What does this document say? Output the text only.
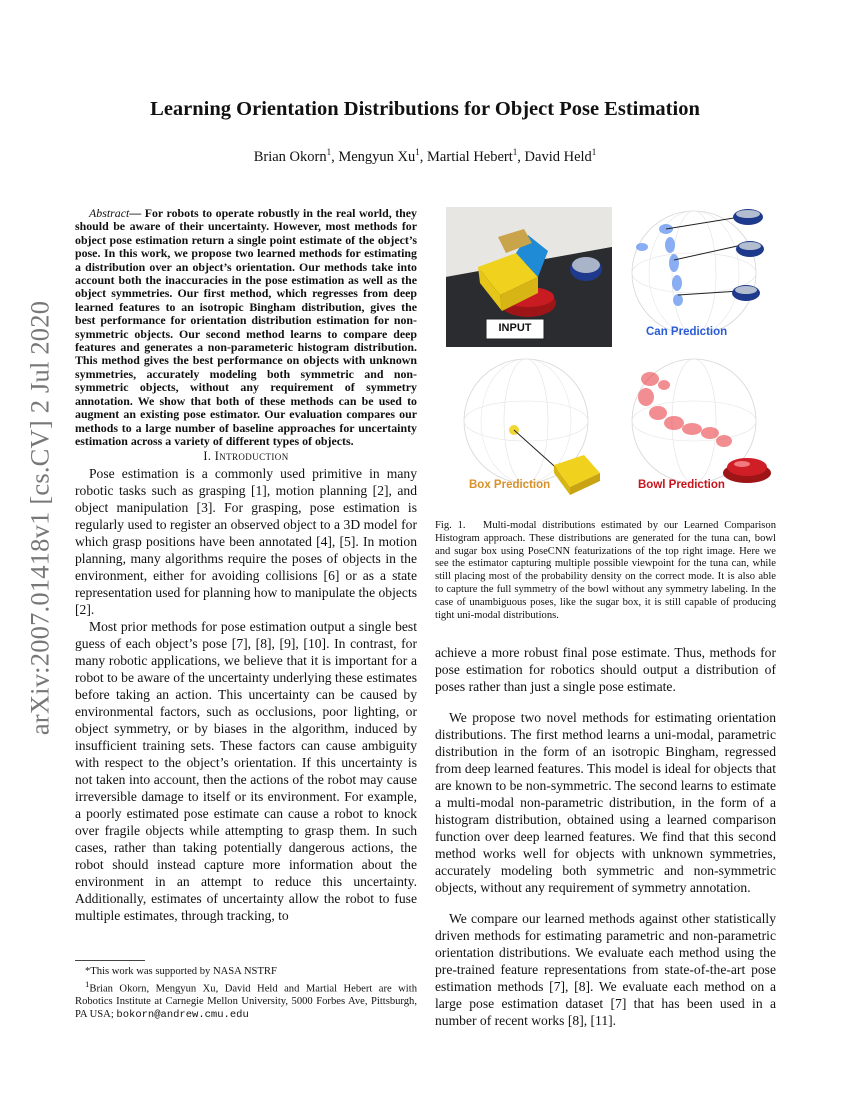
Learning Orientation Distributions for Object Pose Estimation
Brian Okorn$^1$, Mengyun Xu$^1$, Martial Hebert$^1$, David Held$^1$
arXiv:2007.01418v1 [cs.CV] 2 Jul 2020

Abstract— For robots to operate robustly in the real world, they should be aware of their uncertainty. However, most methods for object pose estimation return a single point estimate of the object’s pose. In this work, we propose two learned methods for estimating a distribution over an object’s orientation. Our methods take into account both the inaccuracies in the pose estimation as well as the object symmetries. Our first method, which regresses from deep learned features to an isotropic Bingham distribution, gives the best performance for orientation distribution estimation for non-symmetric objects. Our second method learns to compare deep features and generates a non-parameteric histogram distribution. This method gives the best performance on objects with unknown symmetries, accurately modeling both symmetric and non-symmetric objects, without any requirement of symmetry annotation. We show that both of these methods can be used to augment an existing pose estimator. Our evaluation compares our methods to a large number of baseline approaches for uncertainty estimation across a variety of different types of objects.

I. Introduction

Pose estimation is a commonly used primitive in many robotic tasks such as grasping [1], motion planning [2], and object manipulation [3]. For grasping, pose estimation is regularly used to register an observed object to a 3D model for which grasp positions have been annotated [4], [5]. In motion planning, many algorithms require the poses of objects in the environment, either for avoiding collisions [6] or as a state representation used for planning how to manipulate the objects [2].

Most prior methods for pose estimation output a single best guess of each object’s pose [7], [8], [9], [10]. In contrast, for many robotic applications, we believe that it is important for a robot to be aware of the uncertainty underlying these estimates before taking an action. This uncertainty can be caused by environmental factors, such as occlusions, poor lighting, or object symmetry, or by biases in the algorithm, induced by insufficient training sets. These factors can cause ambiguity with respect to the object’s orientation. If this uncertainty is not taken into account, then the actions of the robot may cause irreversible damage to itself or its environment. For example, a poorly estimated pose estimate can cause a robot to knock over fragile objects while attempting to grasp them. In such cases, rather than taking potentially dangerous actions, the robot should instead capture more information about the environment in an attempt to reduce this uncertainty. Additionally, estimates of uncertainty allow the robot to fuse multiple estimates, through tracking, to

*This work was supported by NASA NSTRF

$^1$Brian Okorn, Mengyun Xu, David Held and Martial Hebert are with Robotics Institute at Carnegie Mellon University, 5000 Forbes Ave, Pittsburgh, PA USA; bokorn@andrew.cmu.edu

INPUT	Can Prediction
Box Prediction	Bowl Prediction
Fig. 1. Multi-modal distributions estimated by our Learned Comparison Histogram approach. These distributions are generated for the tuna can, bowl and sugar box using PoseCNN featurizations of the top right image. Here we see the estimator capturing multiple possible viewpoint for the tuna can, while still placing most of the probability density on the correct mode. It is also able to capture the full symmetry of the bowl without any symmetry labeling. In the case of unambiguous poses, like the sugar box, it is still capable of producing tight uni-modal distributions.

achieve a more robust final pose estimate. Thus, methods for pose estimation for robotics should output a distribution of poses rather than just a single pose estimate.

We propose two novel methods for estimating orientation distributions. The first method learns a uni-modal, parametric distribution in the form of an isotropic Bingham, regressed from deep learned features. This model is ideal for objects that are known to be non-symmetric. The second learns to estimate a multi-modal non-parametric distribution, in the form of a histogram distribution, obtained using a learned comparison function over deep learned features. We find that this second method works well for objects with unknown symmetries, accurately modeling both symmetric and non-symmetric objects, without any requirement of symmetry annotation.

We compare our learned methods against other statistically driven methods for estimating parametric and non-parametric orientation distributions. We evaluate each method using the pre-trained feature representations from state-of-the-art pose estimation methods [7], [8]. We evaluate each method on a large pose estimation dataset [7] that has been used in a number of recent works [8], [11].
